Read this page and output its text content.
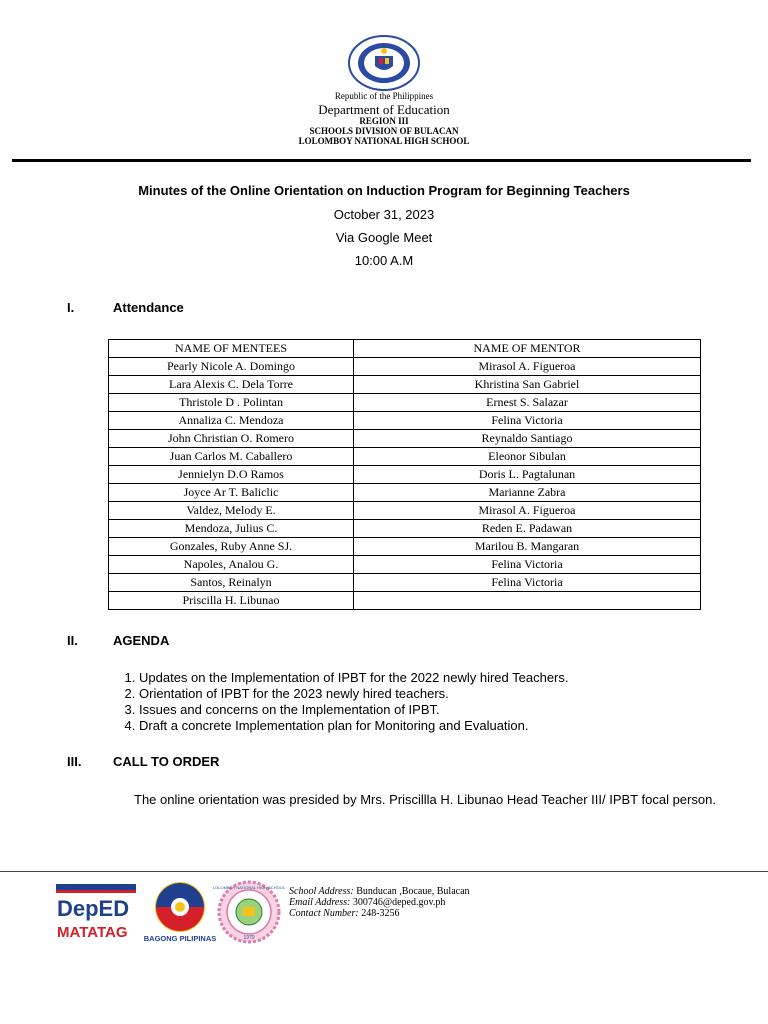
Republic of the Philippines
Department of Education
REGION III
SCHOOLS DIVISION OF BULACAN
LOLOMBOY NATIONAL HIGH SCHOOL
Minutes of the Online Orientation on Induction Program for Beginning Teachers
October 31, 2023
Via Google Meet
10:00 A.M
I.	Attendance
NAME OF MENTEES	NAME OF MENTOR
Pearly Nicole A. Domingo	Mirasol A. Figueroa
Lara Alexis C. Dela Torre	Khristina San Gabriel
Thristole D . Polintan	Ernest S. Salazar
Annaliza C. Mendoza	Felina Victoria
John Christian O. Romero	Reynaldo Santiago
Juan Carlos M. Caballero	Eleonor Sibulan
Jennielyn D.O Ramos	Doris L. Pagtalunan
Joyce Ar T. Baliclic	Marianne Zabra
Valdez, Melody E.	Mirasol A. Figueroa
Mendoza, Julius C.	Reden E. Padawan
Gonzales, Ruby Anne SJ.	Marilou B. Mangaran
Napoles, Analou G.	Felina Victoria
Santos, Reinalyn	Felina Victoria
Priscilla H. Libunao	
II.	AGENDA
1. Updates on the Implementation of IPBT for the 2022 newly hired Teachers.
2. Orientation of IPBT for the 2023 newly hired teachers.
3. Issues and concerns on the Implementation of IPBT.
4. Draft a concrete Implementation plan for Monitoring and Evaluation.
III. CALL TO ORDER
The online orientation was presided by Mrs. Priscillla H. Libunao Head Teacher III/ IPBT focal person.
DepED
MATATAG BAGONG PILIPINAS
LOLOMBOY NATIONAL HIGH SCHOOL
1970
School Address: Bunducan ,Bocaue, Bulacan
Email Address: 300746@deped.gov.ph
Contact Number: 248-3256
